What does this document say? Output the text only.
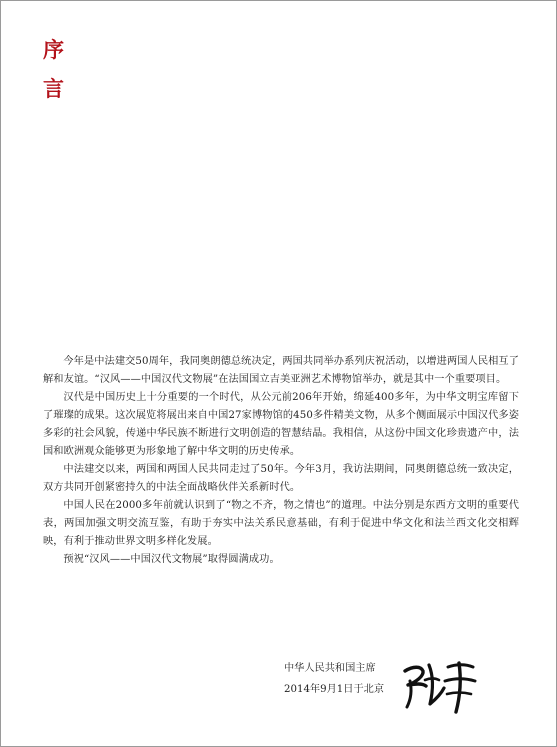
序
言

今年是中法建交50周年，我同奥朗德总统决定，两国共同举办系列庆祝活动，以增进两国人民相互了解和友谊。“汉风——中国汉代文物展”在法国国立吉美亚洲艺术博物馆举办，就是其中一个重要项目。

汉代是中国历史上十分重要的一个时代，从公元前206年开始，绵延400多年，为中华文明宝库留下了璀璨的成果。这次展览将展出来自中国27家博物馆的450多件精美文物，从多个侧面展示中国汉代多姿多彩的社会风貌，传递中华民族不断进行文明创造的智慧结晶。我相信，从这份中国文化珍贵遗产中，法国和欧洲观众能够更为形象地了解中华文明的历史传承。

中法建交以来，两国和两国人民共同走过了50年。今年3月，我访法期间，同奥朗德总统一致决定，双方共同开创紧密持久的中法全面战略伙伴关系新时代。

中国人民在2000多年前就认识到了“物之不齐，物之情也”的道理。中法分别是东西方文明的重要代表，两国加强文明交流互鉴，有助于夯实中法关系民意基础，有利于促进中华文化和法兰西文化交相辉映，有利于推动世界文明多样化发展。

预祝“汉风——中国汉代文物展”取得圆满成功。

中华人民共和国主席
2014年9月1日于北京
